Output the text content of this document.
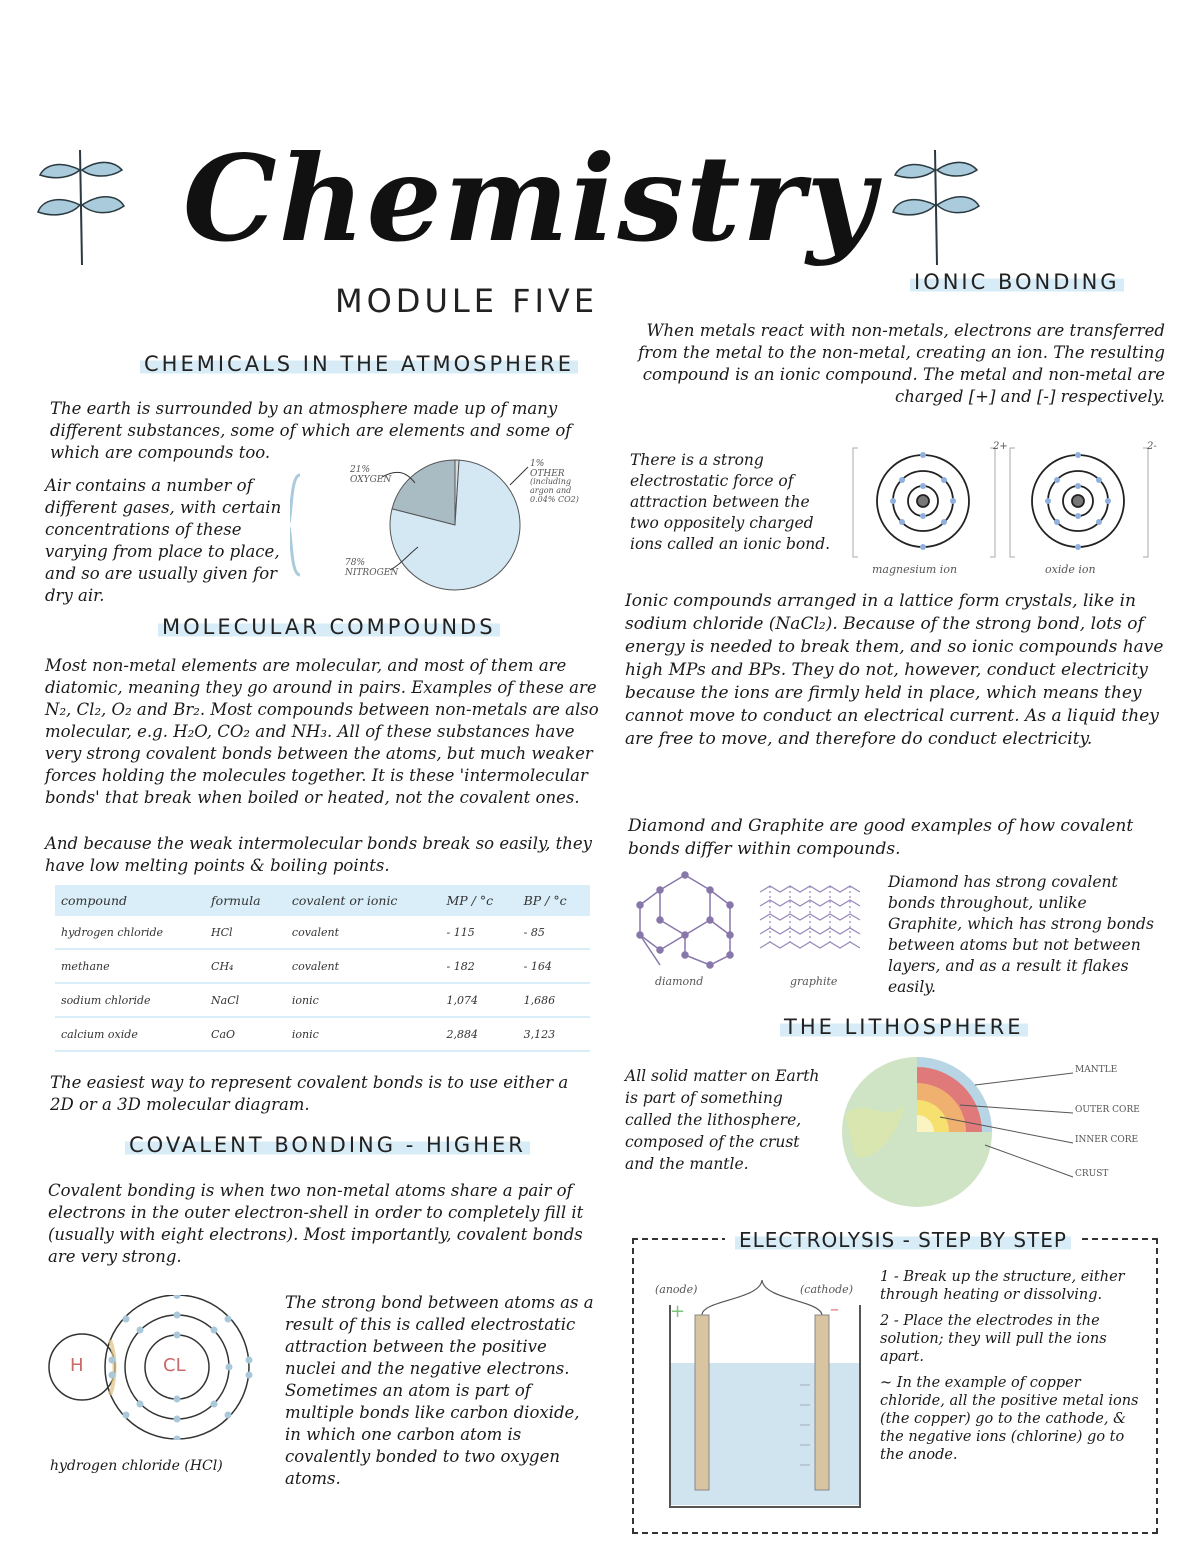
Chemistry
MODULE FIVE
CHEMICALS IN THE ATMOSPHERE
The earth is surrounded by an atmosphere made up of many different substances, some of which are elements and some of which are compounds too.
Air contains a number of different gases, with certain concentrations of these varying from place to place, and so are usually given for dry air.
21% OXYGEN
78% NITROGEN
1% OTHER
(including argon and 0.04% CO2)
MOLECULAR COMPOUNDS
Most non-metal elements are molecular, and most of them are diatomic, meaning they go around in pairs. Examples of these are N₂, Cl₂, O₂ and Br₂. Most compounds between non-metals are also molecular, e.g. H₂O, CO₂ and NH₃. All of these substances have very strong covalent bonds between the atoms, but much weaker forces holding the molecules together. It is these 'intermolecular bonds' that break when boiled or heated, not the covalent ones.
And because the weak intermolecular bonds break so easily, they have low melting points & boiling points.
compound	formula	covalent or ionic	MP / °c	BP / °c
hydrogen chloride	HCl	covalent	- 115	- 85
methane	CH₄	covalent	- 182	- 164
sodium chloride	NaCl	ionic	1,074	1,686
calcium oxide	CaO	ionic	2,884	3,123
The easiest way to represent covalent bonds is to use either a 2D or a 3D molecular diagram.
COVALENT BONDING - HIGHER
Covalent bonding is when two non-metal atoms share a pair of electrons in the outer electron-shell in order to completely fill it (usually with eight electrons). Most importantly, covalent bonds are very strong.
H	CL
hydrogen chloride (HCl)
The strong bond between atoms as a result of this is called electrostatic attraction between the positive nuclei and the negative electrons. Sometimes an atom is part of multiple bonds like carbon dioxide, in which one carbon atom is covalently bonded to two oxygen atoms.
IONIC BONDING
When metals react with non-metals, electrons are transferred from the metal to the non-metal, creating an ion. The resulting compound is an ionic compound. The metal and non-metal are charged [+] and [-] respectively.
There is a strong electrostatic force of attraction between the two oppositely charged ions called an ionic bond.
2+	2-
magnesium ion	oxide ion
Ionic compounds arranged in a lattice form crystals, like in sodium chloride (NaCl₂). Because of the strong bond, lots of energy is needed to break them, and so ionic compounds have high MPs and BPs. They do not, however, conduct electricity because the ions are firmly held in place, which means they cannot move to conduct an electrical current. As a liquid they are free to move, and therefore do conduct electricity.
Diamond and Graphite are good examples of how covalent bonds differ within compounds.
diamond	graphite
Diamond has strong covalent bonds throughout, unlike Graphite, which has strong bonds between atoms but not between layers, and as a result it flakes easily.
THE LITHOSPHERE
All solid matter on Earth is part of something called the lithosphere, composed of the crust and the mantle.
MANTLE
OUTER CORE
INNER CORE
CRUST
ELECTROLYSIS - STEP BY STEP
(anode)	(cathode)
+	–
1 - Break up the structure, either through heating or dissolving.
2 - Place the electrodes in the solution; they will pull the ions apart.
~ In the example of copper chloride, all the positive metal ions (the copper) go to the cathode, & the negative ions (chlorine) go to the anode.
